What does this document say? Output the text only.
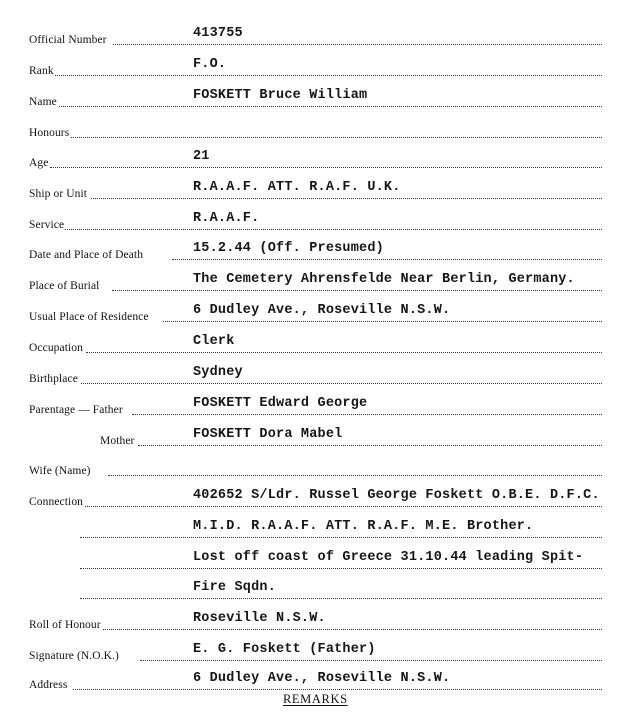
Official Number	413755
Rank	F.O.
Name	FOSKETT Bruce William
Honours
Age	21
Ship or Unit	R.A.A.F. ATT. R.A.F. U.K.
Service	R.A.A.F.
Date and Place of Death	15.2.44 (Off. Presumed)
Place of Burial	The Cemetery Ahrensfelde Near Berlin, Germany.
Usual Place of Residence	6 Dudley Ave., Roseville N.S.W.
Occupation	Clerk
Birthplace	Sydney
Parentage — Father	FOSKETT Edward George
Mother	FOSKETT Dora Mabel
Wife (Name)
Connection	402652 S/Ldr. Russel George Foskett O.B.E. D.F.C.
M.I.D. R.A.A.F. ATT. R.A.F. M.E. Brother.
Lost off coast of Greece 31.10.44 leading Spit-
Fire Sqdn.
Roll of Honour	Roseville N.S.W.
Signature (N.O.K.)	E. G. Foskett (Father)
Address	6 Dudley Ave., Roseville N.S.W.
REMARKS
